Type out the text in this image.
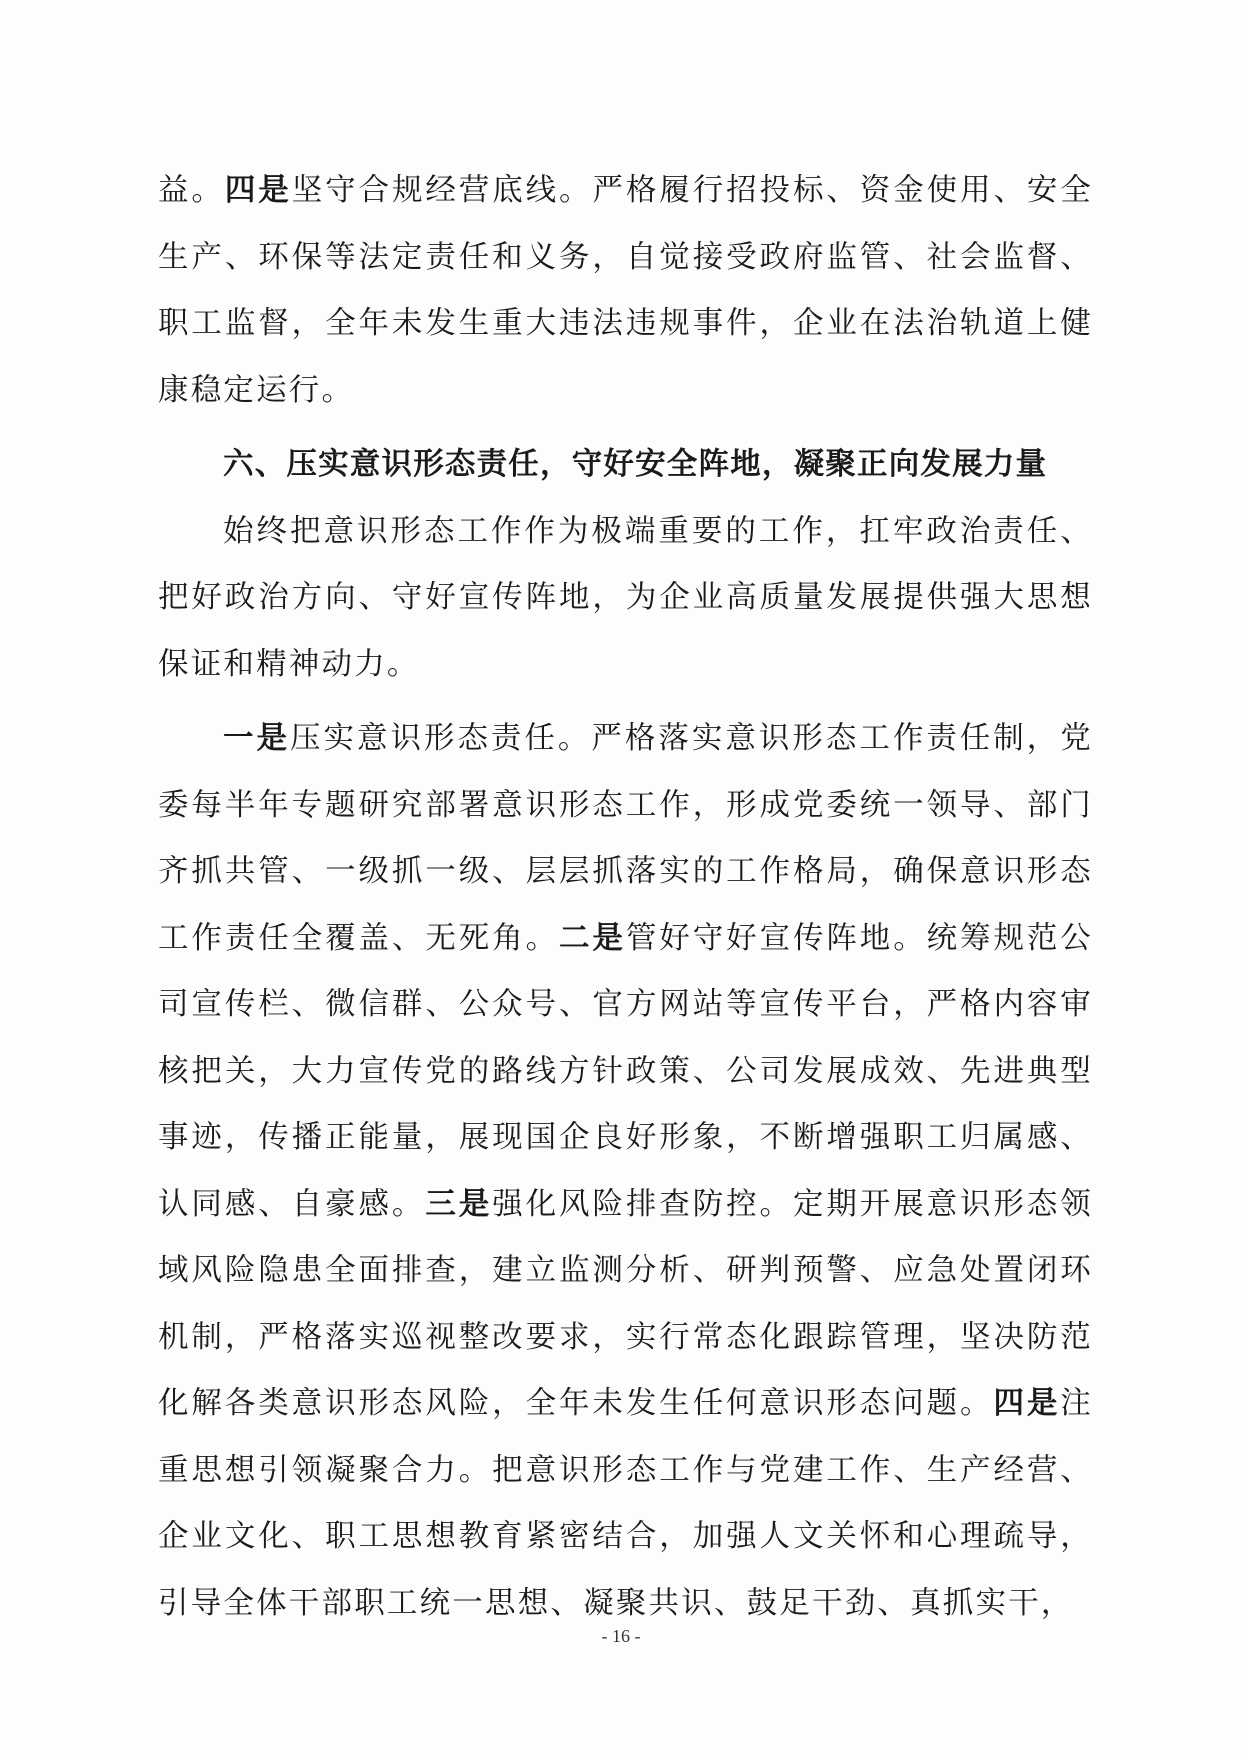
益。四是坚守合规经营底线。严格履行招投标、资金使用、安全生产、环保等法定责任和义务，自觉接受政府监管、社会监督、职工监督，全年未发生重大违法违规事件，企业在法治轨道上健康稳定运行。

六、压实意识形态责任，守好安全阵地，凝聚正向发展力量

始终把意识形态工作作为极端重要的工作，扛牢政治责任、把好政治方向、守好宣传阵地，为企业高质量发展提供强大思想保证和精神动力。

一是压实意识形态责任。严格落实意识形态工作责任制，党委每半年专题研究部署意识形态工作，形成党委统一领导、部门齐抓共管、一级抓一级、层层抓落实的工作格局，确保意识形态工作责任全覆盖、无死角。二是管好守好宣传阵地。统筹规范公司宣传栏、微信群、公众号、官方网站等宣传平台，严格内容审核把关，大力宣传党的路线方针政策、公司发展成效、先进典型事迹，传播正能量，展现国企良好形象，不断增强职工归属感、认同感、自豪感。三是强化风险排查防控。定期开展意识形态领域风险隐患全面排查，建立监测分析、研判预警、应急处置闭环机制，严格落实巡视整改要求，实行常态化跟踪管理，坚决防范化解各类意识形态风险，全年未发生任何意识形态问题。四是注重思想引领凝聚合力。把意识形态工作与党建工作、生产经营、企业文化、职工思想教育紧密结合，加强人文关怀和心理疏导，引导全体干部职工统一思想、凝聚共识、鼓足干劲、真抓实干，

- 16 -
